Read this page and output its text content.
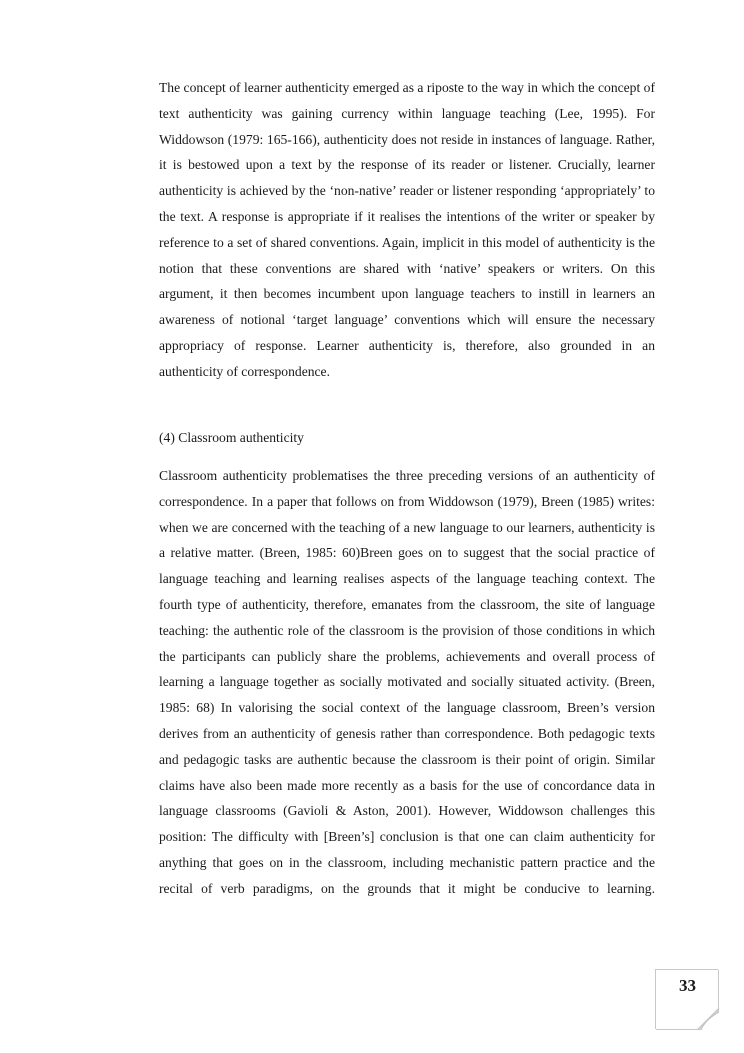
The concept of learner authenticity emerged as a riposte to the way in which the concept of text authenticity was gaining currency within language teaching (Lee, 1995). For Widdowson (1979: 165-166), authenticity does not reside in instances of language. Rather, it is bestowed upon a text by the response of its reader or listener. Crucially, learner authenticity is achieved by the ‘non-native’ reader or listener responding ‘appropriately’ to the text. A response is appropriate if it realises the intentions of the writer or speaker by reference to a set of shared conventions. Again, implicit in this model of authenticity is the notion that these conventions are shared with ‘native’ speakers or writers. On this argument, it then becomes incumbent upon language teachers to instill in learners an awareness of notional ‘target language’ conventions which will ensure the necessary appropriacy of response. Learner authenticity is, therefore, also grounded in an authenticity of correspondence.

(4) Classroom authenticity

Classroom authenticity problematises the three preceding versions of an authenticity of correspondence. In a paper that follows on from Widdowson (1979), Breen (1985) writes: when we are concerned with the teaching of a new language to our learners, authenticity is a relative matter. (Breen, 1985: 60)Breen goes on to suggest that the social practice of language teaching and learning realises aspects of the language teaching context. The fourth type of authenticity, therefore, emanates from the classroom, the site of language teaching: the authentic role of the classroom is the provision of those conditions in which the participants can publicly share the problems, achievements and overall process of learning a language together as socially motivated and socially situated activity. (Breen, 1985: 68) In valorising the social context of the language classroom, Breen’s version derives from an authenticity of genesis rather than correspondence. Both pedagogic texts and pedagogic tasks are authentic because the classroom is their point of origin. Similar claims have also been made more recently as a basis for the use of concordance data in language classrooms (Gavioli & Aston, 2001). However, Widdowson challenges this position: The difficulty with [Breen’s] conclusion is that one can claim authenticity for anything that goes on in the classroom, including mechanistic pattern practice and the recital of verb paradigms, on the grounds that it might be conducive to learning.

33
